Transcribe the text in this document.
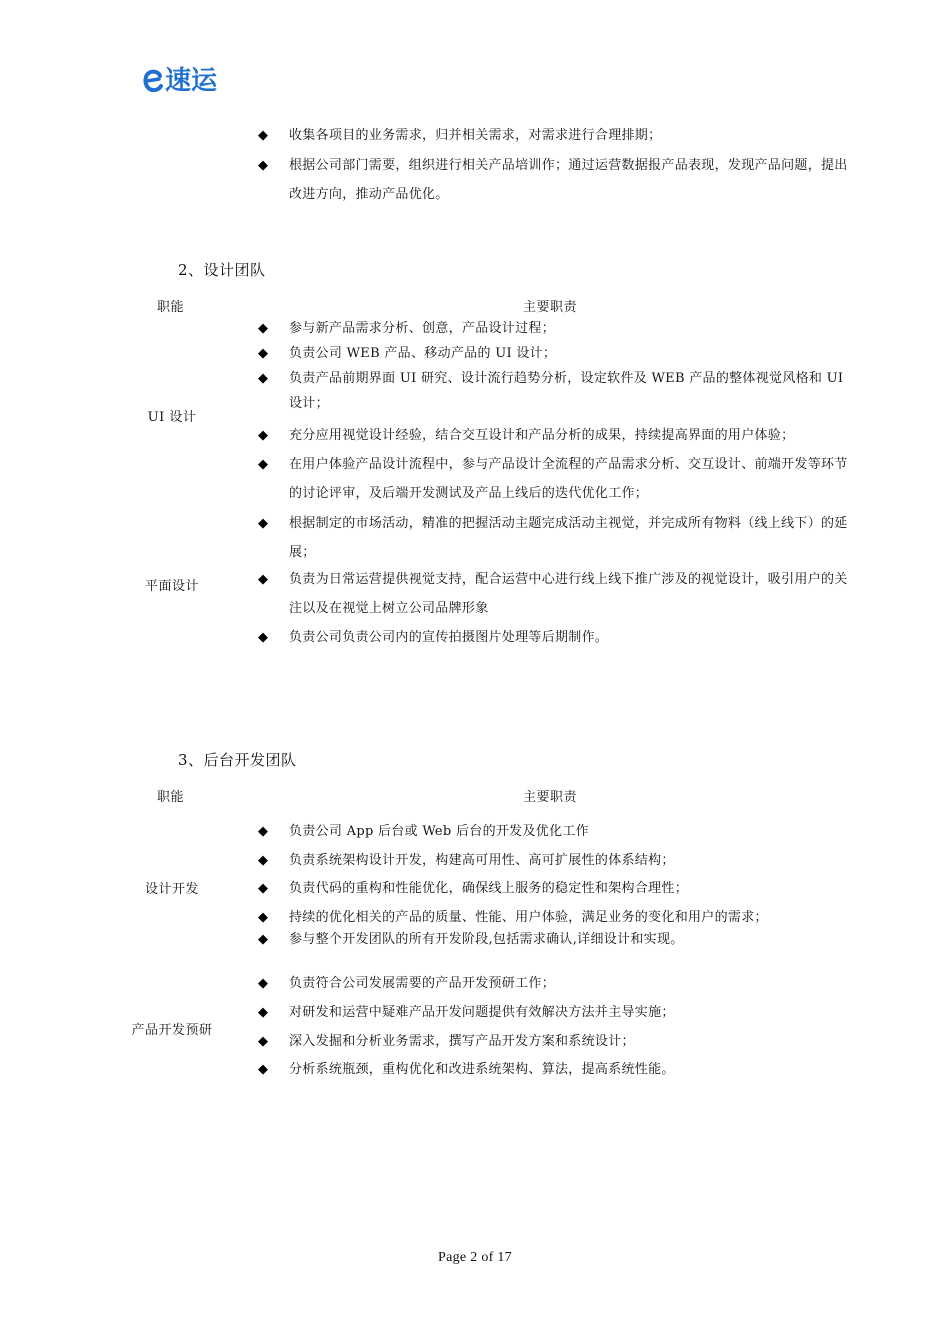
速运
◆ 收集各项目的业务需求，归并相关需求，对需求进行合理排期；
◆ 根据公司部门需要，组织进行相关产品培训作；通过运营数据报产品表现，发现产品问题，提出改进方向，推动产品优化。
2、设计团队
职能	主要职责
UI 设计
平面设计
◆ 参与新产品需求分析、创意，产品设计过程；
◆ 负责公司 WEB 产品、移动产品的 UI 设计；
◆ 负责产品前期界面 UI 研究、设计流行趋势分析，设定软件及 WEB 产品的整体视觉风格和 UI 设计；
◆ 充分应用视觉设计经验，结合交互设计和产品分析的成果，持续提高界面的用户体验；
◆ 在用户体验产品设计流程中，参与产品设计全流程的产品需求分析、交互设计、前端开发等环节的讨论评审，及后端开发测试及产品上线后的迭代优化工作；
◆ 根据制定的市场活动，精准的把握活动主题完成活动主视觉，并完成所有物料（线上线下）的延展；
◆ 负责为日常运营提供视觉支持，配合运营中心进行线上线下推广涉及的视觉设计，吸引用户的关注以及在视觉上树立公司品牌形象
◆ 负责公司负责公司内的宣传拍摄图片处理等后期制作。
3、后台开发团队
职能	主要职责
设计开发
产品开发预研
◆ 负责公司 App 后台或 Web 后台的开发及优化工作
◆ 负责系统架构设计开发，构建高可用性、高可扩展性的体系结构；
◆ 负责代码的重构和性能优化，确保线上服务的稳定性和架构合理性；
◆ 持续的优化相关的产品的质量、性能、用户体验，满足业务的变化和用户的需求；
◆ 参与整个开发团队的所有开发阶段,包括需求确认,详细设计和实现。
◆ 负责符合公司发展需要的产品开发预研工作；
◆ 对研发和运营中疑难产品开发问题提供有效解决方法并主导实施；
◆ 深入发掘和分析业务需求，撰写产品开发方案和系统设计；
◆ 分析系统瓶颈，重构优化和改进系统架构、算法，提高系统性能。
Page 2 of 17
